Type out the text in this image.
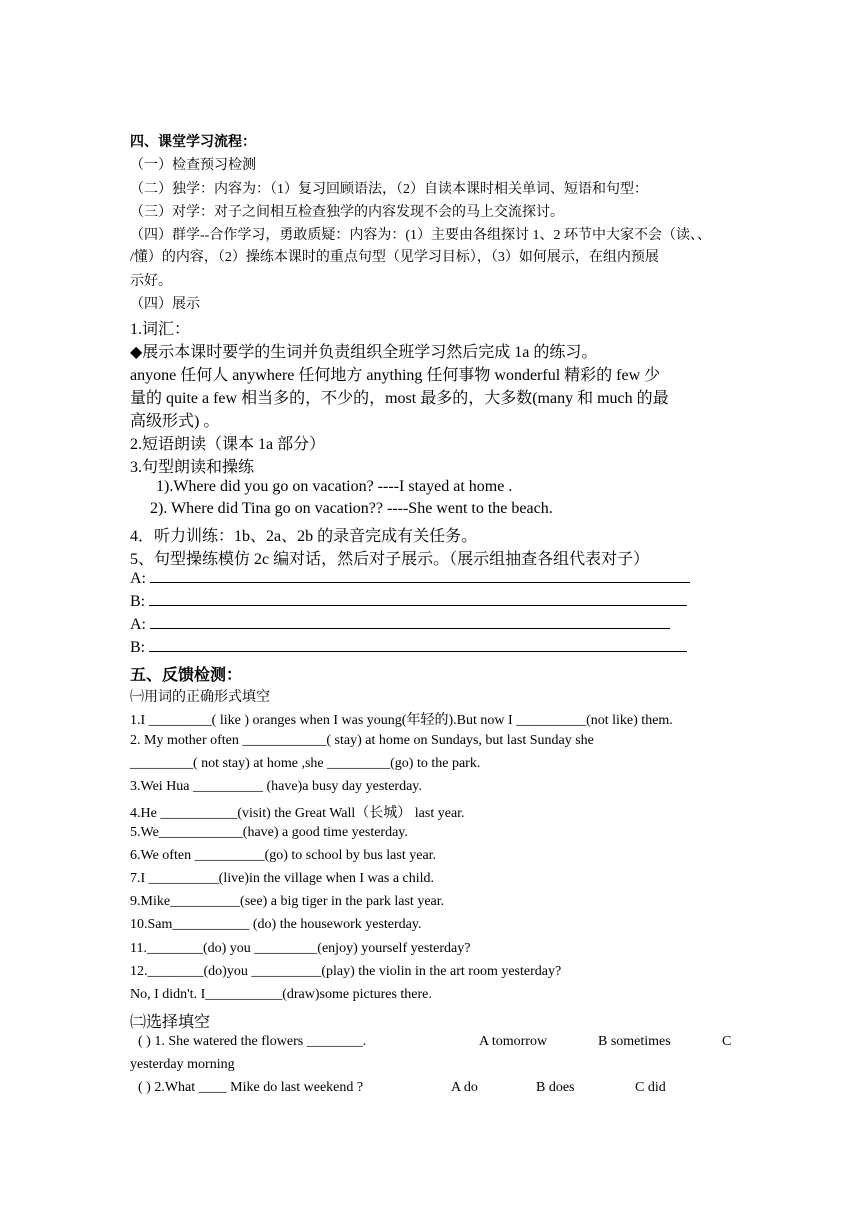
四、课堂学习流程：
（一）检查预习检测
（二）独学：内容为：（1）复习回顾语法，（2）自读本课时相关单词、短语和句型：
（三）对学：对子之间相互检查独学的内容发现不会的马上交流探讨。
（四）群学--合作学习，勇敢质疑：内容为：(1）主要由各组探讨 1、2 环节中大家不会（读、、
/懂）的内容，（2）操练本课时的重点句型（见学习目标），（3）如何展示，在组内预展
示好。
（四）展示
1.词汇：
◆展示本课时要学的生词并负责组织全班学习然后完成 1a 的练习。
anyone 任何人 anywhere 任何地方 anything 任何事物 wonderful 精彩的 few 少
量的 quite a few 相当多的，不少的，most 最多的，大多数(many 和 much 的最
高级形式) 。
2.短语朗读（课本 1a 部分）
3.句型朗读和操练
1).Where did you go on vacation? ----I stayed at home .
2). Where did Tina go on vacation?? ----She went to the beach.
4．听力训练：1b、2a、2b 的录音完成有关任务。
5、句型操练模仿 2c 编对话，然后对子展示。（展示组抽查各组代表对子）
A:
B:
A:
B:
五、反馈检测：
㈠用词的正确形式填空
1.I _________( like ) oranges when I was young(年轻的).But now I __________(not like) them.
2. My mother often ____________( stay) at home on Sundays, but last Sunday she
_________( not stay) at home ,she _________(go) to the park.
3.Wei Hua __________ (have)a busy day yesterday.
4.He ___________(visit) the Great Wall（长城） last year.
5.We____________(have) a good time yesterday.
6.We often __________(go) to school by bus last year.
7.I __________(live)in the village when I was a child.
9.Mike__________(see) a big tiger in the park last year.
10.Sam___________ (do) the housework yesterday.
11.________(do) you _________(enjoy) yourself yesterday?
12.________(do)you __________(play) the violin in the art room yesterday?
No, I didn't. I___________(draw)some pictures there.
㈡选择填空
( ) 1. She watered the flowers ________.	A tomorrow	B sometimes	C
yesterday morning
( ) 2.What ____ Mike do last weekend ?	A do	B does	C did
